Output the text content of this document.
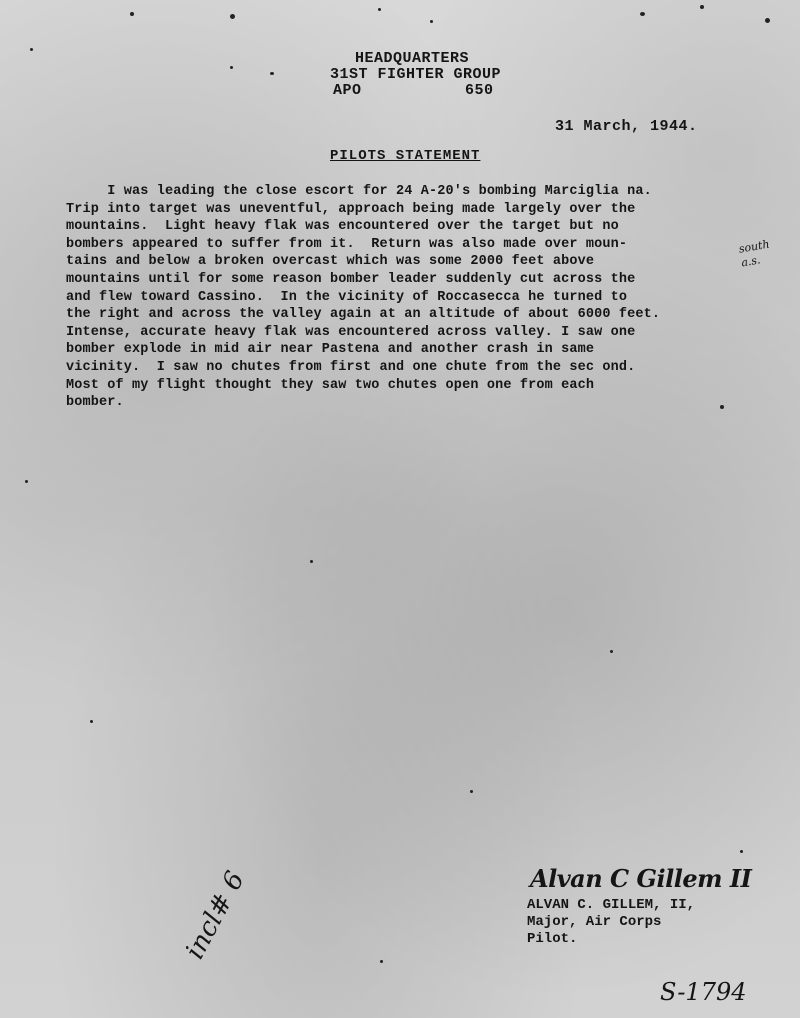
HEADQUARTERS
31ST FIGHTER GROUP
APO	650
31 March, 1944.
PILOTS STATEMENT
I was leading the close escort for 24 A-20's bombing Marciglia na.
Trip into target was uneventful, approach being made largely over the
mountains.  Light heavy flak was encountered over the target but no
bombers appeared to suffer from it.  Return was also made over moun-
tains and below a broken overcast which was some 2000 feet above
mountains until for some reason bomber leader suddenly cut across the
and flew toward Cassino.  In the vicinity of Roccasecca he turned to
the right and across the valley again at an altitude of about 6000 feet.
Intense, accurate heavy flak was encountered across valley. I saw one
bomber explode in mid air near Pastena and another crash in same
vicinity.  I saw no chutes from first and one chute from the sec ond.
Most of my flight thought they saw two chutes open one from each
bomber.
south
a.s.
Alvan C Gillem II
ALVAN C. GILLEM, II,
Major, Air Corps
Pilot.
incl# 6
S-1794
